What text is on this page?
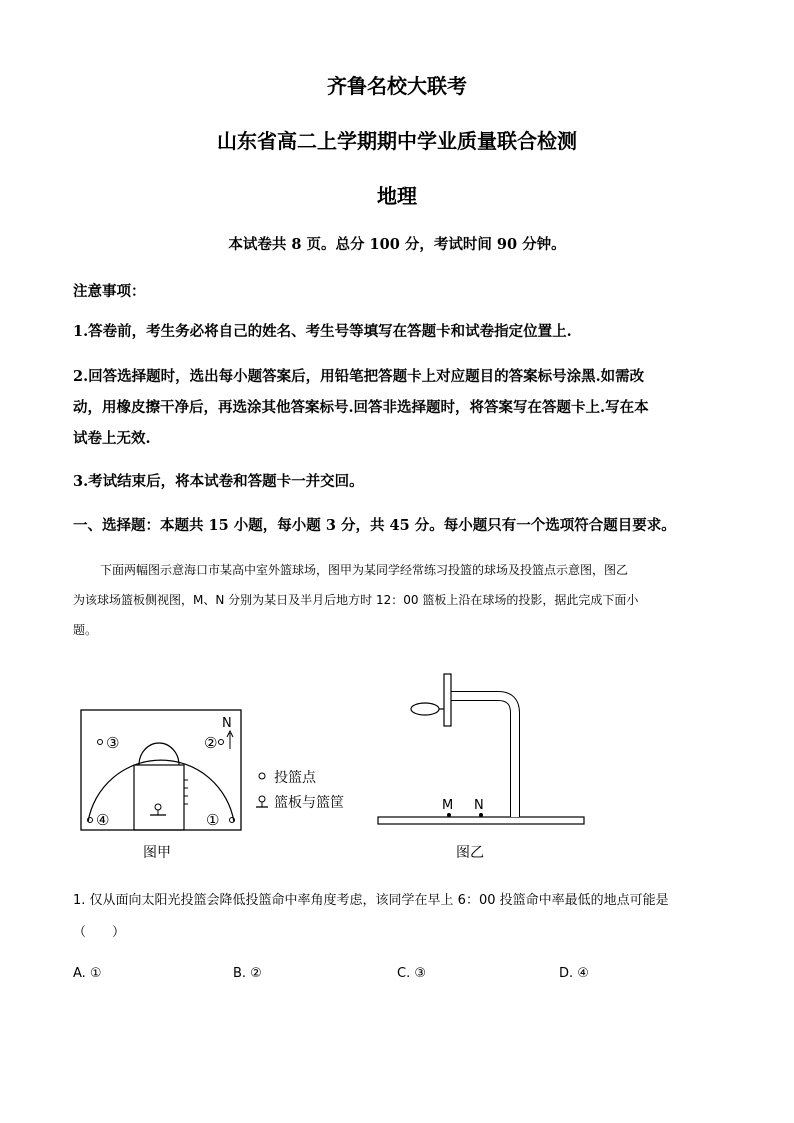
齐鲁名校大联考
山东省高二上学期期中学业质量联合检测
地理
本试卷共 8 页。总分 100 分，考试时间 90 分钟。
注意事项：
1.答卷前，考生务必将自己的姓名、考生号等填写在答题卡和试卷指定位置上.
2.回答选择题时，选出每小题答案后，用铅笔把答题卡上对应题目的答案标号涂黑.如需改
动，用橡皮擦干净后，再选涂其他答案标号.回答非选择题时，将答案写在答题卡上.写在本
试卷上无效.
3.考试结束后，将本试卷和答题卡一并交回。
一、选择题：本题共 15 小题，每小题 3 分，共 45 分。每小题只有一个选项符合题目要求。
下面两幅图示意海口市某高中室外篮球场，图甲为某同学经常练习投篮的球场及投篮点示意图，图乙
为该球场篮板侧视图，M、N 分别为某日及半月后地方时 12：00 篮板上沿在球场的投影，据此完成下面小
题。
①
②
③
④
N
投篮点
篮板与篮筐
图甲
M N
图乙
1. 仅从面向太阳光投篮会降低投篮命中率角度考虑，该同学在早上 6：00 投篮命中率最低的地点可能是
（　　）
A. ①	B. ②	C. ③	D. ④
